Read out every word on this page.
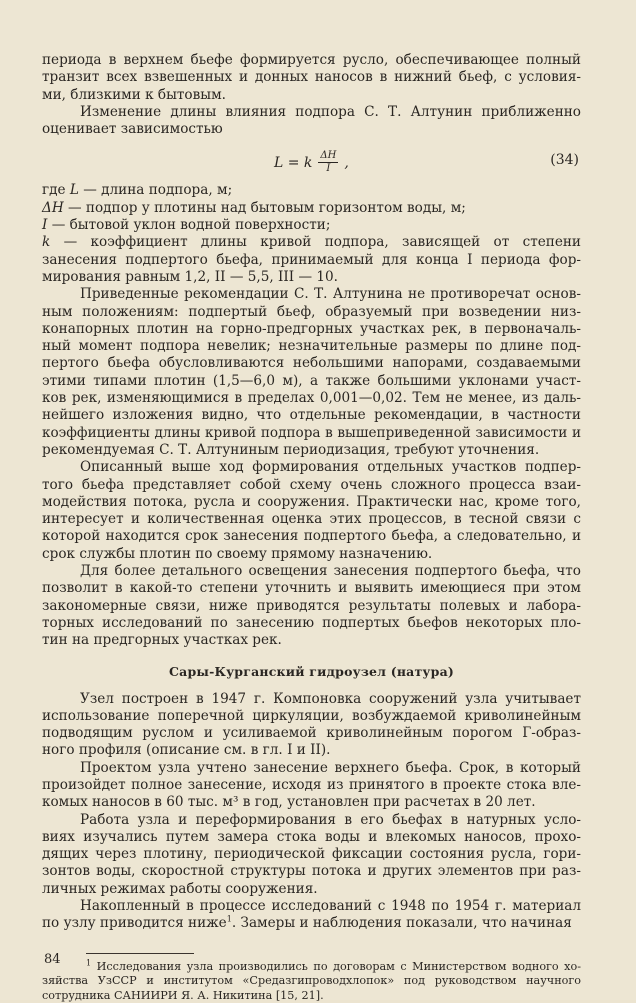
периода в верхнем бьефе формируется русло, обеспечивающее полный транзит всех взвешенных и донных наносов в нижний бьеф, с условия- ми, близкими к бытовым.

Изменение длины влияния подпора С. Т. Алтунин приближенно оценивает зависимостью

L = k $\frac{\Delta H}{I}$ ,	(34)

где L — длина подпора, м;

ΔH — подпор у плотины над бытовым горизонтом воды, м;

I — бытовой уклон водной поверхности;

k — коэффициент длины кривой подпора, зависящей от степени занесения подпертого бьефа, принимаемый для конца I периода фор- мирования равным 1,2, II — 5,5, III — 10.

Приведенные рекомендации С. Т. Алтунина не противоречат основ- ным положениям: подпертый бьеф, образуемый при возведении низ- конапорных плотин на горно-предгорных участках рек, в первоначаль- ный момент подпора невелик; незначительные размеры по длине под- пертого бьефа обусловливаются небольшими напорами, создаваемыми этими типами плотин (1,5—6,0 м), а также большими уклонами участ- ков рек, изменяющимися в пределах 0,001—0,02. Тем не менее, из даль- нейшего изложения видно, что отдельные рекомендации, в частности коэффициенты длины кривой подпора в вышеприведенной зависимости и рекомендуемая С. Т. Алтуниным периодизация, требуют уточнения.

Описанный выше ход формирования отдельных участков подпер- того бьефа представляет собой схему очень сложного процесса взаи- модействия потока, русла и сооружения. Практически нас, кроме того, интересует и количественная оценка этих процессов, в тесной связи с которой находится срок занесения подпертого бьефа, а следовательно, и срок службы плотин по своему прямому назначению.

Для более детального освещения занесения подпертого бьефа, что позволит в какой-то степени уточнить и выявить имеющиеся при этом закономерные связи, ниже приводятся результаты полевых и лабора- торных исследований по занесению подпертых бьефов некоторых пло- тин на предгорных участках рек.

Сары-Курганский гидроузел (натура)

Узел построен в 1947 г. Компоновка сооружений узла учитывает использование поперечной циркуляции, возбуждаемой криволинейным подводящим руслом и усиливаемой криволинейным порогом Г-образ- ного профиля (описание см. в гл. I и II).

Проектом узла учтено занесение верхнего бьефа. Срок, в который произойдет полное занесение, исходя из принятого в проекте стока вле- комых наносов в 60 тыс. м³ в год, установлен при расчетах в 20 лет.

Работа узла и переформирования в его бьефах в натурных усло- виях изучались путем замера стока воды и влекомых наносов, прохо- дящих через плотину, периодической фиксации состояния русла, гори- зонтов воды, скоростной структуры потока и других элементов при раз- личных режимах работы сооружения.

Накопленный в процессе исследований с 1948 по 1954 г. материал по узлу приводится ниже$^1$. Замеры и наблюдения показали, что начиная

$^1$ Исследования узла производились по договорам с Министерством водного хо- зяйства УзССР и институтом «Средазгипроводхлопок» под руководством научного сотрудника САНИИРИ Я. А. Никитина [15, 21].

84
